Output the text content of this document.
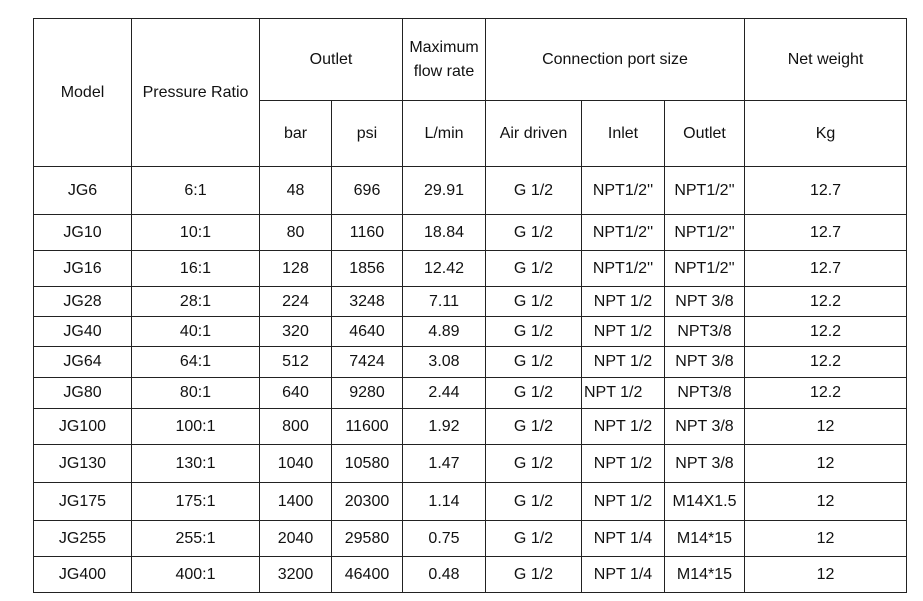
Model	Pressure Ratio	Outlet		Maximum flow rate	Connection port size			Net weight
		bar	psi	L/min	Air driven	Inlet	Outlet	Kg
JG6	6:1	48	696	29.91	G 1/2	NPT1/2''	NPT1/2''	12.7
JG10	10:1	80	1160	18.84	G 1/2	NPT1/2''	NPT1/2''	12.7
JG16	16:1	128	1856	12.42	G 1/2	NPT1/2''	NPT1/2''	12.7
JG28	28:1	224	3248	7.11	G 1/2	NPT 1/2	NPT 3/8	12.2
JG40	40:1	320	4640	4.89	G 1/2	NPT 1/2	NPT3/8	12.2
JG64	64:1	512	7424	3.08	G 1/2	NPT 1/2	NPT 3/8	12.2
JG80	80:1	640	9280	2.44	G 1/2	NPT 1/2	NPT3/8	12.2
JG100	100:1	800	11600	1.92	G 1/2	NPT 1/2	NPT 3/8	12
JG130	130:1	1040	10580	1.47	G 1/2	NPT 1/2	NPT 3/8	12
JG175	175:1	1400	20300	1.14	G 1/2	NPT 1/2	M14X1.5	12
JG255	255:1	2040	29580	0.75	G 1/2	NPT 1/4	M14*15	12
JG400	400:1	3200	46400	0.48	G 1/2	NPT 1/4	M14*15	12
